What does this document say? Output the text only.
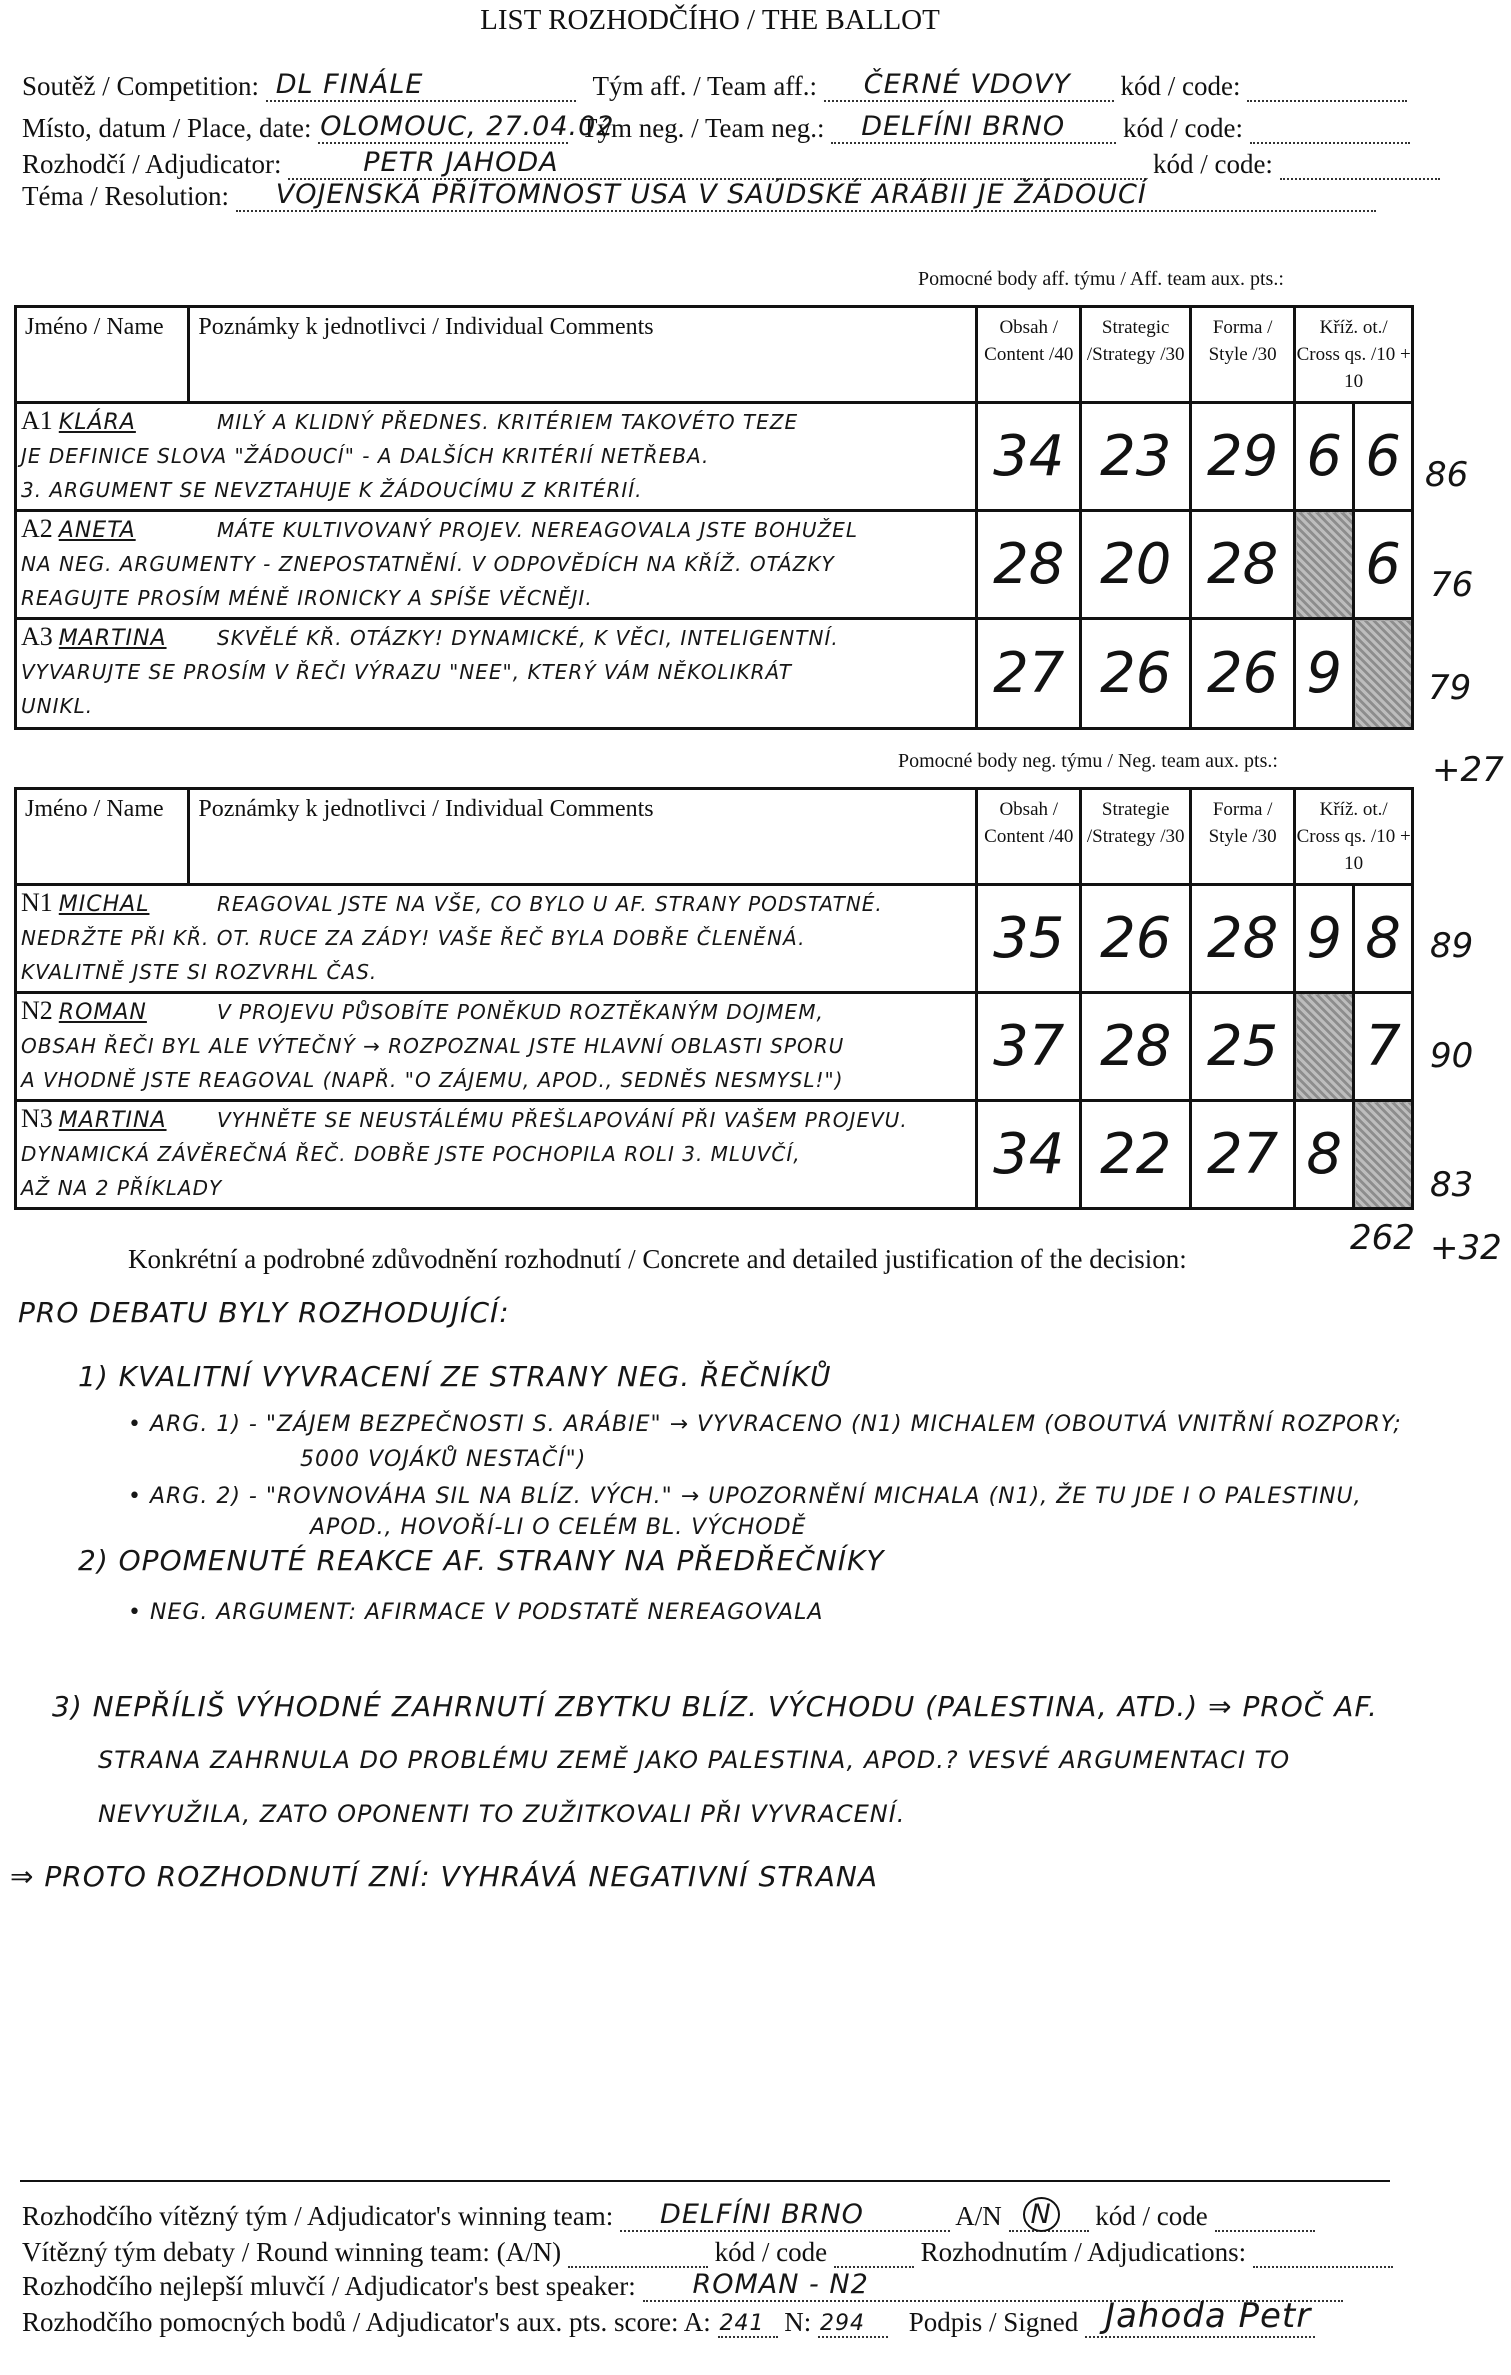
LIST ROZHODČÍHO / THE BALLOT
Soutěž / Competition: DL FINÁLE	Tým aff. / Team aff.: ČERNÉ VDOVY kód / code:
Místo, datum / Place, date: OLOMOUC, 27.04.02
Tým neg. / Team neg.: DELFÍNI BRNO kód / code:
Rozhodčí / Adjudicator:	PETR JAHODA	kód / code:
Téma / Resolution: VOJENSKÁ PŘÍTOMNOST USA V SAÚDSKÉ ARÁBII JE ŽÁDOUCÍ
Pomocné body aff. týmu / Aff. team aux. pts.:
Jméno / Name	Poznámky k jednotlivci / Individual Comments	Obsah / Content /40	Strategic /Strategy /30	Forma / Style /30	Kříž. ot./ Cross qs. /10 + 10	

A1 KLÁRA MILÝ A KLIDNÝ PŘEDNES. KRITÉRIEM TAKOVÉTO TEZE
JE DEFINICE SLOVA "ŽÁDOUCÍ" - A DALŠÍCH KRITÉRIÍ NETŘEBA.
3. ARGUMENT SE NEVZTAHUJE K ŽÁDOUCÍMU Z KRITÉRIÍ.		34	23	29	6	6

A2 ANETA MÁTE KULTIVOVANÝ PROJEV. NEREAGOVALA JSTE BOHUŽEL
NA NEG. ARGUMENTY - ZNEPOSTATNĚNÍ. V ODPOVĚDÍCH NA KŘÍŽ. OTÁZKY
REAGUJTE PROSÍM MÉNĚ IRONICKY A SPÍŠE VĚCNĚJI.		28	20	28		6

A3 MARTINA SKVĚLÉ KŘ. OTÁZKY! DYNAMICKÉ, K VĚCI, INTELIGENTNÍ.
VYVARUJTE SE PROSÍM V ŘEČI VÝRAZU "NEE", KTERÝ VÁM NĚKOLIKRÁT
UNIKL.		27	26	26	9	
86
76
79
+27
Pomocné body neg. týmu / Neg. team aux. pts.:
Jméno / Name	Poznámky k jednotlivci / Individual Comments	Obsah / Content /40	Strategie /Strategy /30	Forma / Style /30	Kříž. ot./ Cross qs. /10 + 10	

N1 MICHAL REAGOVAL JSTE NA VŠE, CO BYLO U AF. STRANY PODSTATNÉ.
NEDRŽTE PŘI KŘ. OT. RUCE ZA ZÁDY! VAŠE ŘEČ BYLA DOBŘE ČLENĚNÁ.
KVALITNĚ JSTE SI ROZVRHL ČAS.		35	26	28	9	8

N2 ROMAN V PROJEVU PŮSOBÍTE PONĚKUD ROZTĚKANÝM DOJMEM,
OBSAH ŘEČI BYL ALE VÝTEČNÝ → ROZPOZNAL JSTE HLAVNÍ OBLASTI SPORU
A VHODNĚ JSTE REAGOVAL (NAPŘ. "O ZÁJEMU, APOD., SEDNĚS NESMYSL!")		37	28	25		7

N3 MARTINA VYHNĚTE SE NEUSTÁLÉMU PŘEŠLAPOVÁNÍ PŘI VAŠEM PROJEVU.
DYNAMICKÁ ZÁVĚREČNÁ ŘEČ. DOBŘE JSTE POCHOPILA ROLI 3. MLUVČÍ,
AŽ NA 2 PŘÍKLADY		34	22	27	8	
89
90
83
262 +32
Konkrétní a podrobné zdůvodnění rozhodnutí / Concrete and detailed justification of the decision:
PRO DEBATU BYLY ROZHODUJÍCÍ:
1) KVALITNÍ VYVRACENÍ ZE STRANY NEG. ŘEČNÍKŮ
• ARG. 1) - "ZÁJEM BEZPEČNOSTI S. ARÁBIE" → VYVRACENO (N1) MICHALEM (OBOUTVÁ VNITŘNÍ ROZPORY;
5000 VOJÁKŮ NESTAČÍ")
• ARG. 2) - "ROVNOVÁHA SIL NA BLÍZ. VÝCH." → UPOZORNĚNÍ MICHALA (N1), ŽE TU JDE I O PALESTINU,
APOD., HOVOŘÍ-LI O CELÉM BL. VÝCHODĚ
2) OPOMENUTÉ REAKCE AF. STRANY NA PŘEDŘEČNÍKY
• NEG. ARGUMENT: AFIRMACE V PODSTATĚ NEREAGOVALA
3) NEPŘÍLIŠ VÝHODNÉ ZAHRNUTÍ ZBYTKU BLÍZ. VÝCHODU (PALESTINA, ATD.) ⇒ PROČ AF.
STRANA ZAHRNULA DO PROBLÉMU ZEMĚ JAKO PALESTINA, APOD.? VESVÉ ARGUMENTACI TO
NEVYUŽILA, ZATO OPONENTI TO ZUŽITKOVALI PŘI VYVRACENÍ.
⇒ PROTO ROZHODNUTÍ ZNÍ: VYHRÁVÁ NEGATIVNÍ STRANA
Rozhodčího vítězný tým / Adjudicator's winning team: DELFÍNI BRNO	A/N N kód / code
Vítězný tým debaty / Round winning team: (A/N)	kód / code	Rozhodnutím / Adjudications:
Rozhodčího nejlepší mluvčí / Adjudicator's best speaker: ROMAN - N2
Rozhodčího pomocných bodů / Adjudicator's aux. pts. score: A: 241 N: 294 Podpis / Signed Jahoda Petr
